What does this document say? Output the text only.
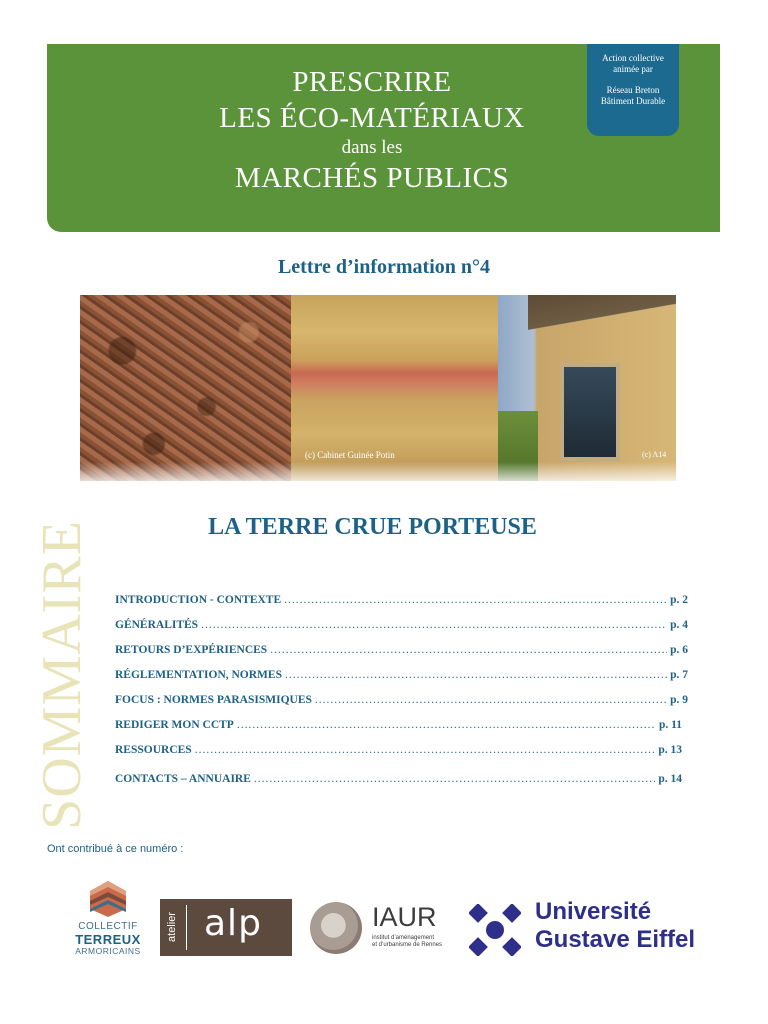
PRESCRIRE
LES ÉCO-MATÉRIAUX
dans les
MARCHÉS PUBLICS
Action collective
animée par
Réseau Breton
Bâtiment Durable
Lettre d’information n°4
(c) Cabinet Guinée Potin	(c) A14
SOMMAIRE	LA TERRE CRUE PORTEUSE
INTRODUCTION - CONTEXTE .....	p. 2
GÉNÉRALITÉS .....	p. 4
RETOURS D’EXPÉRIENCES .....	p. 6
RÉGLEMENTATION, NORMES .....	p. 7
FOCUS : NORMES PARASISMIQUES .....	p. 9
REDIGER MON CCTP .....	p. 11
RESSOURCES .....	p. 13
CONTACTS – ANNUAIRE .....	p. 14
Ont contribué à ce numéro :
COLLECTIF
TERREUX
ARMORICAINS
atelier alp	IAUR
institut d’aménagement
et d’urbanisme de Rennes
Université
Gustave Eiffel
